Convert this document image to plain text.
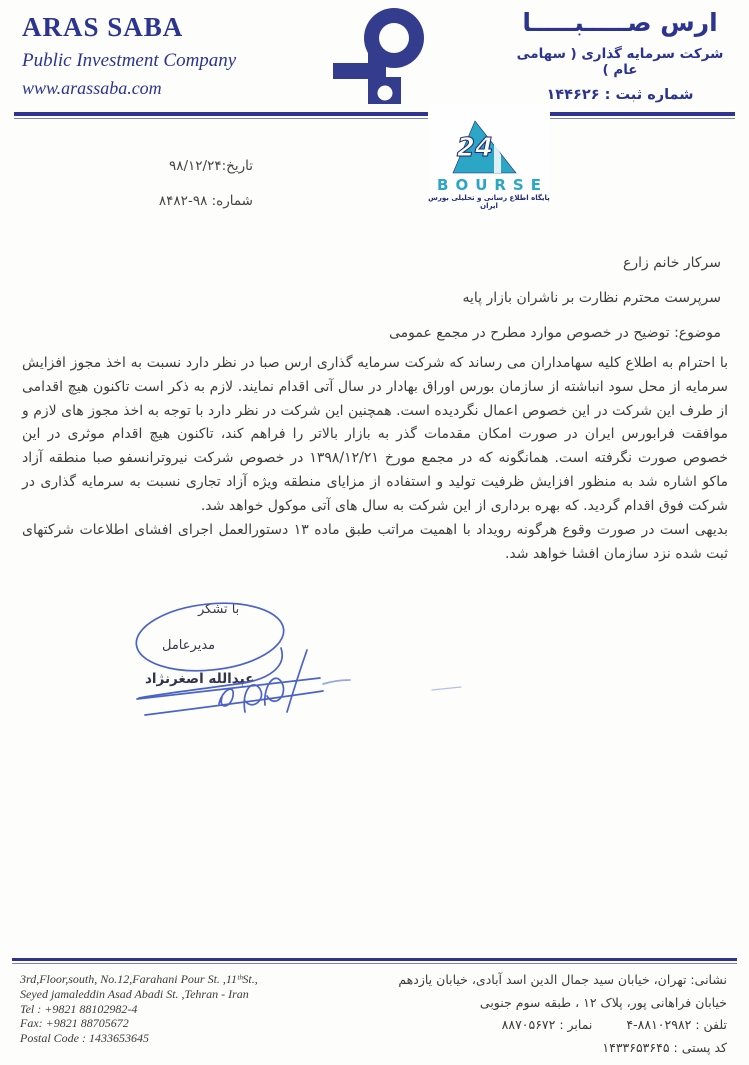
ARAS SABA
Public Investment Company
www.arassaba.com
ارس صـــــبـــــا
شرکت سرمایه گذاری ( سهامی عام )
شماره ثبت : ۱۴۴۶۲۶
24
BOURSE
پایگاه اطلاع رسانی و تحلیلی بورس ایران
تاریخ:۹۸/۱۲/۲۴
شماره: ۹۸-۸۴۸۲
سرکار خانم زارع
سرپرست محترم نظارت بر ناشران بازار پایه
موضوع: توضیح در خصوص موارد مطرح در مجمع عمومی
با احترام به اطلاع کلیه سهامداران می رساند که شرکت سرمایه گذاری ارس صبا در نظر دارد نسبت به اخذ مجوز افزایش سرمایه از محل سود انباشته از سازمان بورس اوراق بهادار در سال آتی اقدام نمایند. لازم به ذکر است تاکنون هیچ اقدامی از طرف این شرکت در این خصوص اعمال نگردیده است. همچنین این شرکت در نظر دارد با توجه به اخذ مجوز های لازم و موافقت فرابورس ایران در صورت امکان مقدمات گذر به بازار بالاتر را فراهم کند، تاکنون هیچ اقدام موثری در این خصوص صورت نگرفته است. همانگونه که در مجمع مورخ ۱۳۹۸/۱۲/۲۱ در خصوص شرکت نیروترانسفو صبا منطقه آزاد ماکو اشاره شد به منظور افزایش ظرفیت تولید و استفاده از مزایای منطقه ویژه آزاد تجاری نسبت به سرمایه گذاری در شرکت فوق اقدام گردید. که بهره برداری از این شرکت به سال های آتی موکول خواهد شد.
بدیهی است در صورت وقوع هرگونه رویداد با اهمیت مراتب طبق ماده ۱۳ دستورالعمل اجرای افشای اطلاعات شرکتهای ثبت شده نزد سازمان افشا خواهد شد.
با تشکر
مدیرعامل
عبدالله اصغرنژاد
3rd,Floor,south, No.12,Farahani Pour St. ,11ᵗʰSt.,
Seyed jamaleddin Asad Abadi St. ,Tehran - Iran
Tel : +9821 88102982-4
Fax: +9821 88705672
Postal Code : 1433653645
نشانی: تهران، خیابان سید جمال الدین اسد آبادی، خیابان یازدهم
خیابان فراهانی پور، پلاک ۱۲ ، طبقه سوم جنوبی
تلفن : ۸۸۱۰۲۹۸۲-۴نمابر : ۸۸۷۰۵۶۷۲
کد پستی : ۱۴۳۳۶۵۳۶۴۵
